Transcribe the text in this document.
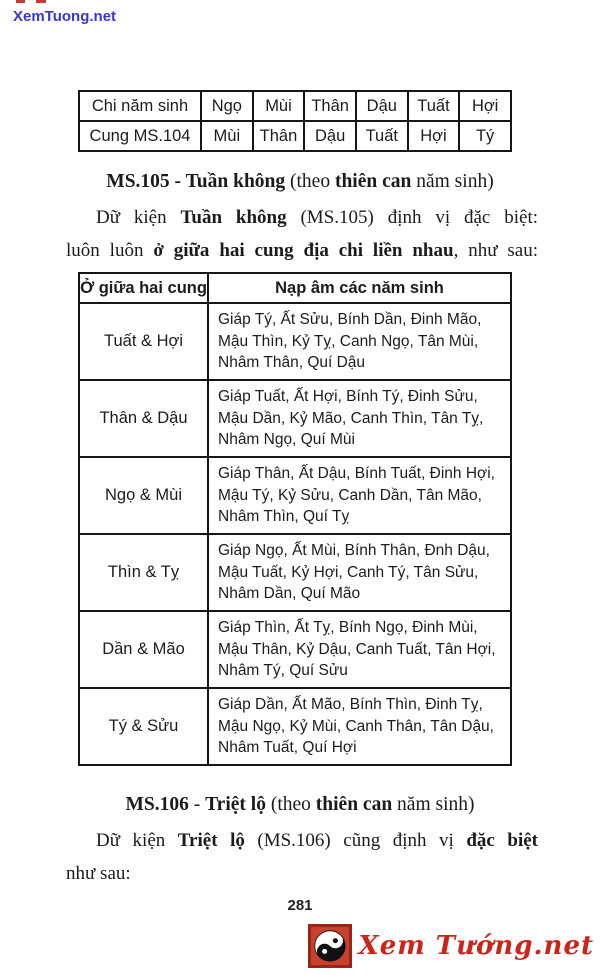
XemTuong.net
Chi năm sinh	Ngọ	Mùi	Thân	Dậu	Tuất	Hợi
Cung MS.104	Mùi	Thân	Dậu	Tuất	Hợi	Tý
MS.105 - Tuần không (theo thiên can năm sinh)
Dữ kiện Tuần không (MS.105) định vị đặc biệt:
luôn luôn ở giữa hai cung địa chi liền nhau, như sau:
Ở giữa hai cung	Nạp âm các năm sinh
Tuất & Hợi	Giáp Tý, Ất Sửu, Bính Dần, Đinh Mão,
Mậu Thìn, Kỷ Tỵ, Canh Ngọ, Tân Mùi,
Nhâm Thân, Quí Dậu

Thân & Dậu	Giáp Tuất, Ất Hợi, Bính Tý, Đinh Sửu,
Mậu Dần, Kỷ Mão, Canh Thìn, Tân Tỵ,
Nhâm Ngọ, Quí Mùi

Ngọ & Mùi	Giáp Thân, Ất Dậu, Bính Tuất, Đinh Hợi,
Mậu Tý, Kỷ Sửu, Canh Dần, Tân Mão,
Nhâm Thìn, Quí Tỵ

Thìn & Tỵ	Giáp Ngọ, Ất Mùi, Bính Thân, Đnh Dậu,
Mậu Tuất, Kỷ Hợi, Canh Tý, Tân Sửu,
Nhâm Dần, Quí Mão

Dần & Mão	Giáp Thìn, Ất Tỵ, Bính Ngọ, Đinh Mùi,
Mậu Thân, Kỷ Dậu, Canh Tuất, Tân Hợi,
Nhâm Tý, Quí Sửu

Tý & Sửu	Giáp Dần, Ất Mão, Bính Thìn, Đinh Tỵ,
Mậu Ngọ, Kỷ Mùi, Canh Thân, Tân Dậu,
Nhâm Tuất, Quí Hợi
MS.106 - Triệt lộ (theo thiên can năm sinh)
Dữ kiện Triệt lộ (MS.106) cũng định vị đặc biệt
như sau:
281
Xem Tướng.net
